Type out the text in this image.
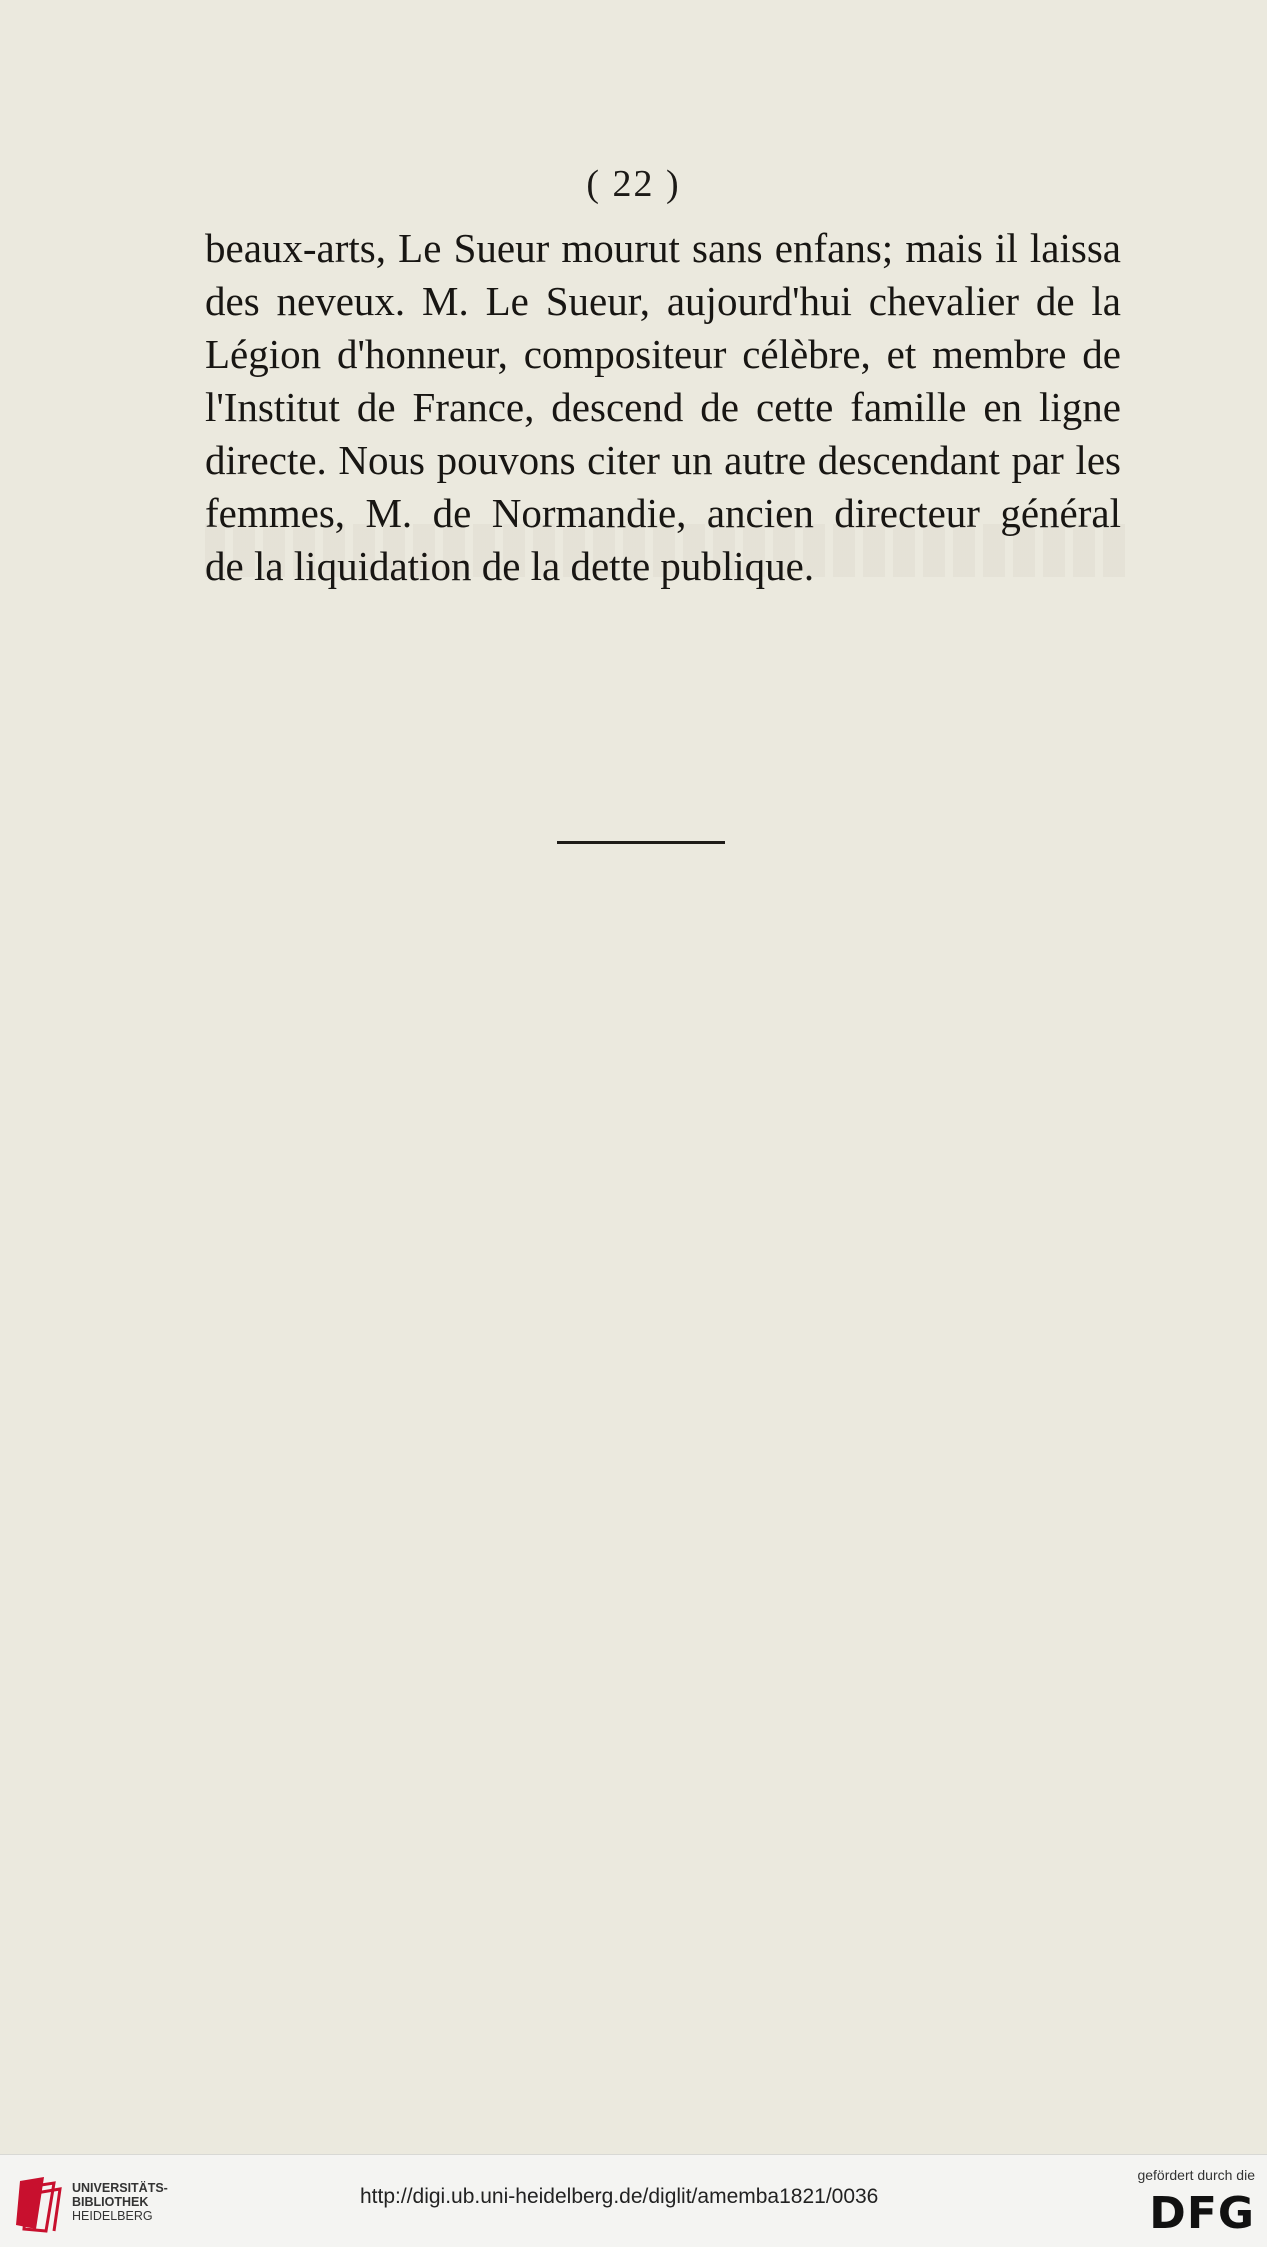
( 22 )
beaux-arts, Le Sueur mourut sans enfans; mais il laissa
des neveux. M. Le Sueur, aujourd'hui chevalier de la
Légion d'honneur, compositeur célèbre, et membre de
l'Institut de France, descend de cette famille en ligne
directe. Nous pouvons citer un autre descendant par les
femmes, M. de Normandie, ancien directeur général
de la liquidation de la dette publique.
UNIVERSITÄTS-
BIBLIOTHEK
HEIDELBERG
http://digi.ub.uni-heidelberg.de/diglit/amemba1821/0036
gefördert durch die
DFG
